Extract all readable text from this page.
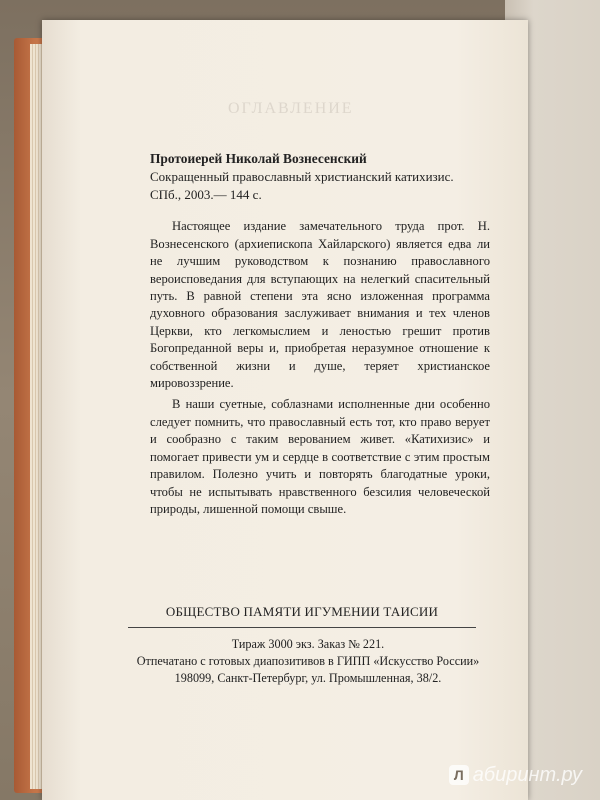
ОГЛАВЛЕНИЕ
Протоиерей Николай Вознесенский
Сокращенный православный христианский катихизис.
СПб., 2003.— 144 с.

Настоящее издание замечательного труда прот. Н. Вознесенского (архиепископа Хайларского) является едва ли не лучшим руководством к познанию православного вероисповедания для вступающих на нелегкий спасительный путь. В равной степени эта ясно изложенная программа духовного образования заслуживает внимания и тех членов Церкви, кто легкомыслием и леностью грешит против Богопреданной веры и, приобретая неразумное отношение к собственной жизни и душе, теряет христианское мировоззрение.

В наши суетные, соблазнами исполненные дни особенно следует помнить, что православный есть тот, кто право верует и сообразно с таким верованием живет. «Катихизис» и помогает привести ум и сердце в соответствие с этим простым правилом. Полезно учить и повторять благодатные уроки, чтобы не испытывать нравственного безсилия человеческой природы, лишенной помощи свыше.

ОБЩЕСТВО ПАМЯТИ ИГУМЕНИИ ТАИСИИ
Тираж 3000 экз. Заказ № 221.
Отпечатано с готовых диапозитивов в ГИПП «Искусство России»
198099, Санкт-Петербург, ул. Промышленная, 38/2.
Л абиринт.ру
